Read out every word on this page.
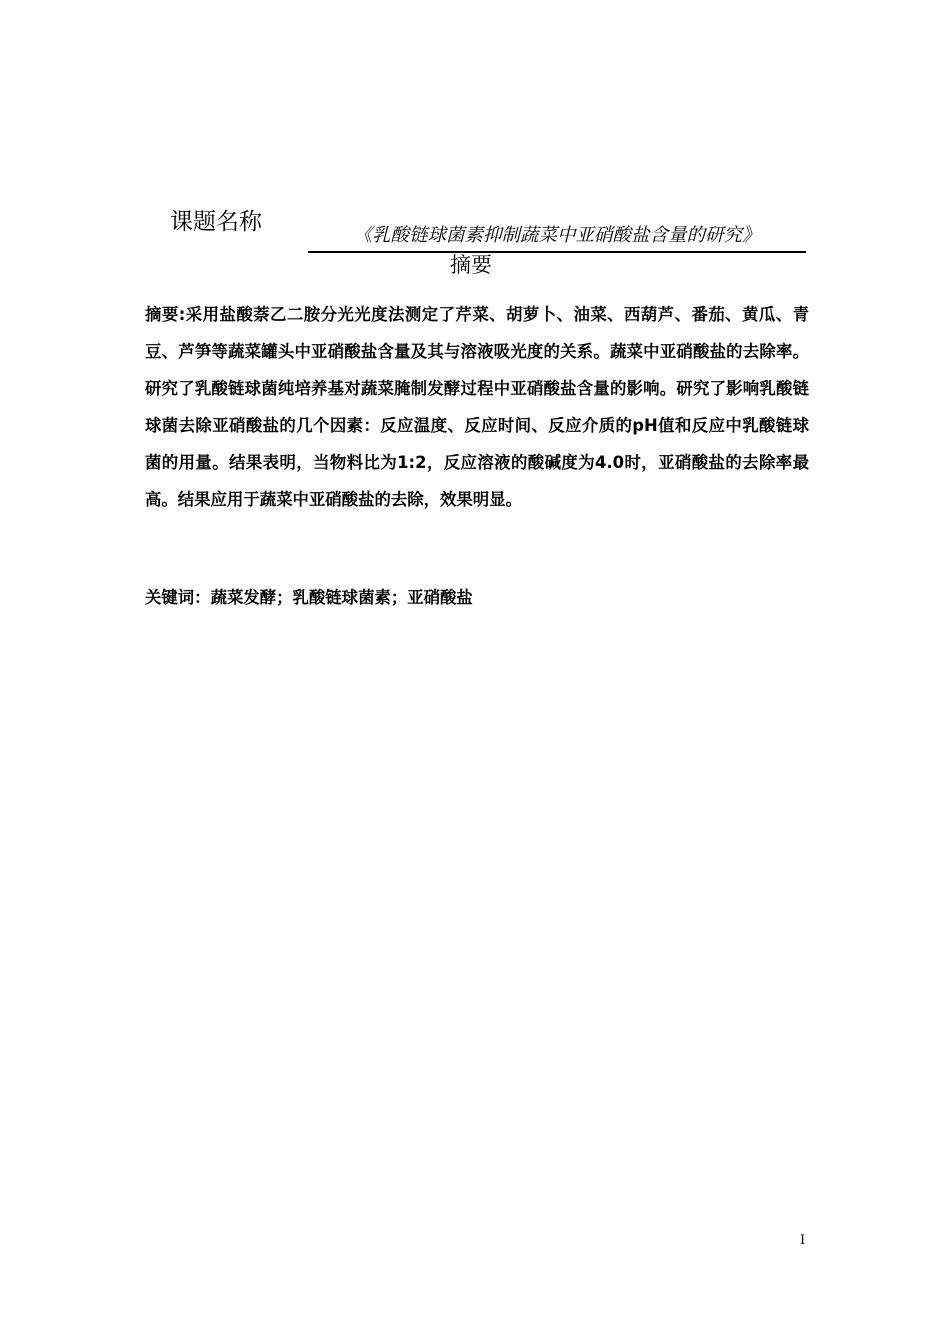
课题名称
《乳酸链球菌素抑制蔬菜中亚硝酸盐含量的研究》
摘要

摘要:采用盐酸萘乙二胺分光光度法测定了芹菜、胡萝卜、油菜、西葫芦、番茄、黄瓜、青豆、芦笋等蔬菜罐头中亚硝酸盐含量及其与溶液吸光度的关系。蔬菜中亚硝酸盐的去除率。研究了乳酸链球菌纯培养基对蔬菜腌制发酵过程中亚硝酸盐含量的影响。研究了影响乳酸链球菌去除亚硝酸盐的几个因素：反应温度、反应时间、反应介质的pH值和反应中乳酸链球菌的用量。结果表明，当物料比为1:2，反应溶液的酸碱度为4.0时，亚硝酸盐的去除率最高。结果应用于蔬菜中亚硝酸盐的去除，效果明显。

关键词：蔬菜发酵；乳酸链球菌素；亚硝酸盐

I
